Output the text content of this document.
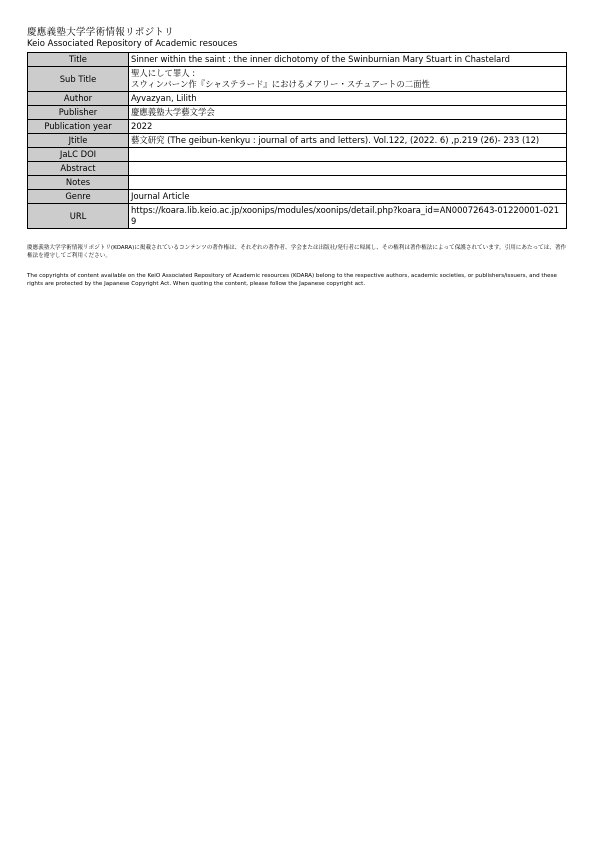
慶應義塾大学学術情報リポジトリ
Keio Associated Repository of Academic resouces
Title	Sinner within the saint : the inner dichotomy of the Swinburnian Mary Stuart in Chastelard
Sub Title	聖人にして罪人 :
スウィンバーン作『シャステラード』におけるメアリー・スチュアートの二面性
Author	Ayvazyan, Lilith
Publisher	慶應義塾大学藝文学会
Publication year	2022
Jtitle	藝文研究 (The geibun-kenkyu : journal of arts and letters). Vol.122, (2022. 6) ,p.219 (26)- 233 (12)
JaLC DOI	
Abstract	
Notes	
Genre	Journal Article
URL	https://koara.lib.keio.ac.jp/xoonips/modules/xoonips/detail.php?koara_id=AN00072643-01220001-0219
慶應義塾大学学術情報リポジトリ(KOARA)に掲載されているコンテンツの著作権は、それぞれの著作者、学会または出版社/発行者に帰属し、その権利は著作権法によって保護されています。引用にあたっては、著作権法を遵守してご利用ください。
The copyrights of content available on the KeiO Associated Repository of Academic resources (KOARA) belong to the respective authors, academic societies, or publishers/issuers, and these rights are protected by the Japanese Copyright Act. When quoting the content, please follow the Japanese copyright act.
